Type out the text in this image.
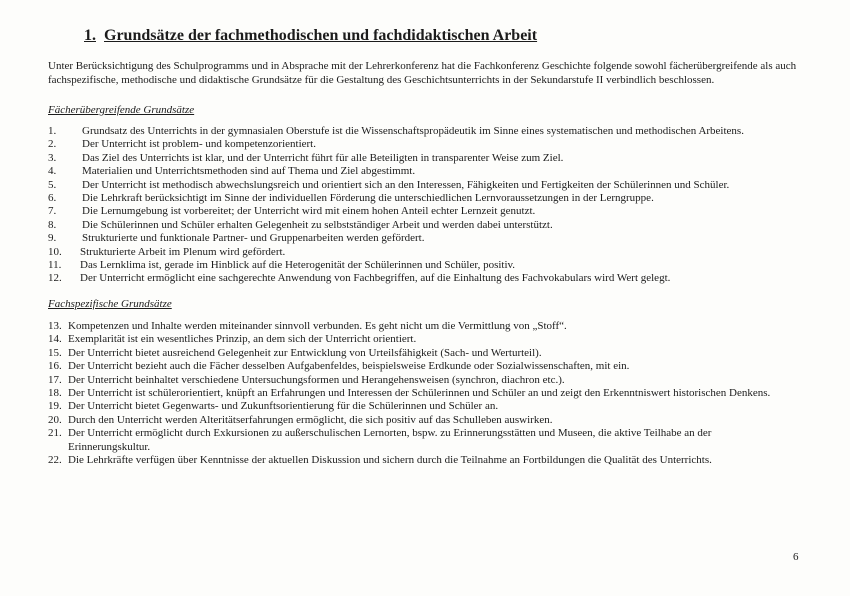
1. Grundsätze der fachmethodischen und fachdidaktischen Arbeit

Unter Berücksichtigung des Schulprogramms und in Absprache mit der Lehrerkonferenz hat die Fachkonferenz Geschichte folgende sowohl fächerübergreifende als auch fachspezifische, methodische und didaktische Grundsätze für die Gestaltung des Geschichtsunterrichts in der Sekundarstufe II verbindlich beschlossen.

Fächerübergreifende Grundsätze

1. Grundsatz des Unterrichts in der gymnasialen Oberstufe ist die Wissenschaftspropädeutik im Sinne eines systematischen und methodischen Arbeitens.
2. Der Unterricht ist problem- und kompetenzorientiert.
3. Das Ziel des Unterrichts ist klar, und der Unterricht führt für alle Beteiligten in transparenter Weise zum Ziel.
4. Materialien und Unterrichtsmethoden sind auf Thema und Ziel abgestimmt.
5. Der Unterricht ist methodisch abwechslungsreich und orientiert sich an den Interessen, Fähigkeiten und Fertigkeiten der Schülerinnen und Schüler.
6. Die Lehrkraft berücksichtigt im Sinne der individuellen Förderung die unterschiedlichen Lernvoraussetzungen in der Lerngruppe.
7. Die Lernumgebung ist vorbereitet; der Unterricht wird mit einem hohen Anteil echter Lernzeit genutzt.
8. Die Schülerinnen und Schüler erhalten Gelegenheit zu selbstständiger Arbeit und werden dabei unterstützt.
9. Strukturierte und funktionale Partner- und Gruppenarbeiten werden gefördert.
10. Strukturierte Arbeit im Plenum wird gefördert.
11. Das Lernklima ist, gerade im Hinblick auf die Heterogenität der Schülerinnen und Schüler, positiv.
12. Der Unterricht ermöglicht eine sachgerechte Anwendung von Fachbegriffen, auf die Einhaltung des Fachvokabulars wird Wert gelegt.

Fachspezifische Grundsätze

13. Kompetenzen und Inhalte werden miteinander sinnvoll verbunden. Es geht nicht um die Vermittlung von „Stoff“.
14. Exemplarität ist ein wesentliches Prinzip, an dem sich der Unterricht orientiert.
15. Der Unterricht bietet ausreichend Gelegenheit zur Entwicklung von Urteilsfähigkeit (Sach- und Werturteil).
16. Der Unterricht bezieht auch die Fächer desselben Aufgabenfeldes, beispielsweise Erdkunde oder Sozialwissenschaften, mit ein.
17. Der Unterricht beinhaltet verschiedene Untersuchungsformen und Herangehensweisen (synchron, diachron etc.).
18. Der Unterricht ist schülerorientiert, knüpft an Erfahrungen und Interessen der Schülerinnen und Schüler an und zeigt den Erkenntniswert historischen Denkens.
19. Der Unterricht bietet Gegenwarts- und Zukunftsorientierung für die Schülerinnen und Schüler an.
20. Durch den Unterricht werden Alteritätserfahrungen ermöglicht, die sich positiv auf das Schulleben auswirken.
21. Der Unterricht ermöglicht durch Exkursionen zu außerschulischen Lernorten, bspw. zu Erinnerungsstätten und Museen, die aktive Teilhabe an der
Erinnerungskultur.
22. Die Lehrkräfte verfügen über Kenntnisse der aktuellen Diskussion und sichern durch die Teilnahme an Fortbildungen die Qualität des Unterrichts.
6
